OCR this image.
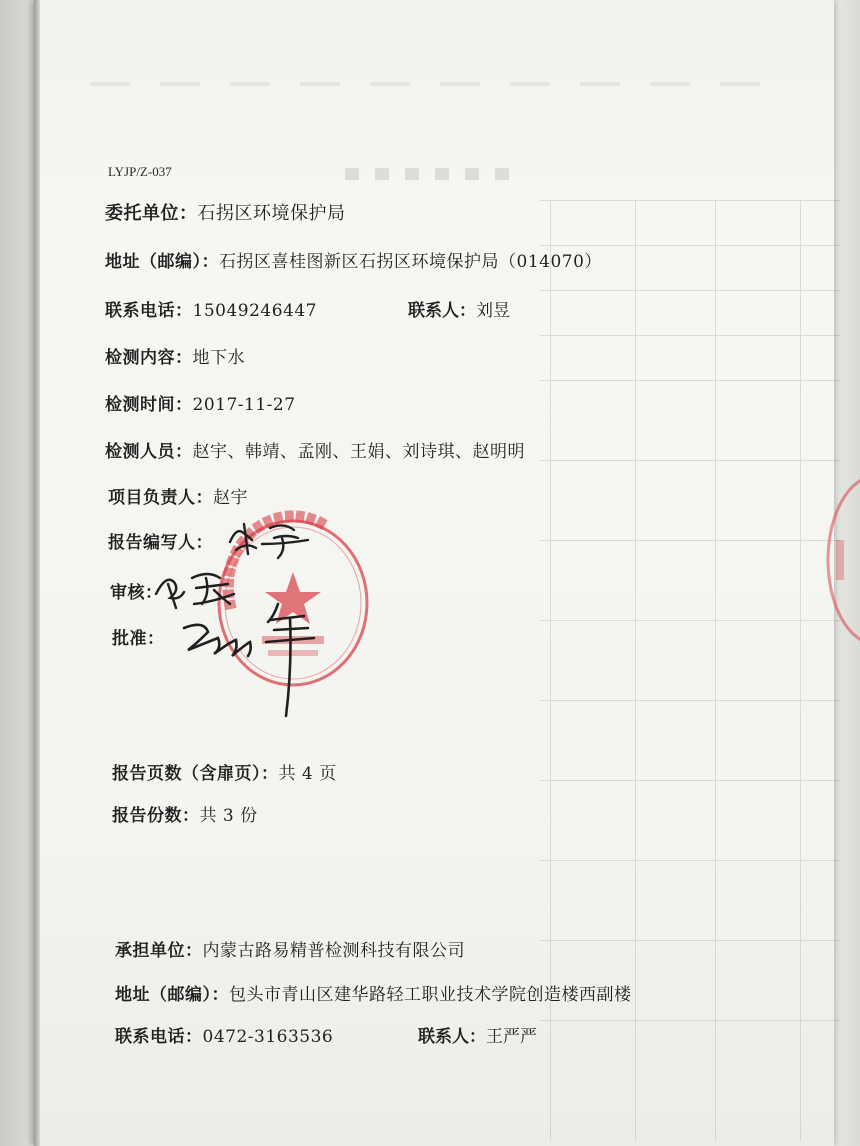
LYJP/Z-037
委托单位：石拐区环境保护局
地址（邮编）：石拐区喜桂图新区石拐区环境保护局（014070）
联系电话：15049246447	联系人：刘昱
检测内容：地下水
检测时间：2017-11-27
检测人员：赵宇、韩靖、孟刚、王娟、刘诗琪、赵明明
项目负责人：赵宇
报告编写人：
审核：
批准：
▇▇▇▇▇▇▇▇▇▇▇▇▇▇▇
报告页数（含扉页）：共 4 页
报告份数：共 3 份
承担单位：内蒙古路易精普检测科技有限公司
地址（邮编）：包头市青山区建华路轻工职业技术学院创造楼西副楼
联系电话：0472-3163536	联系人：王严严
